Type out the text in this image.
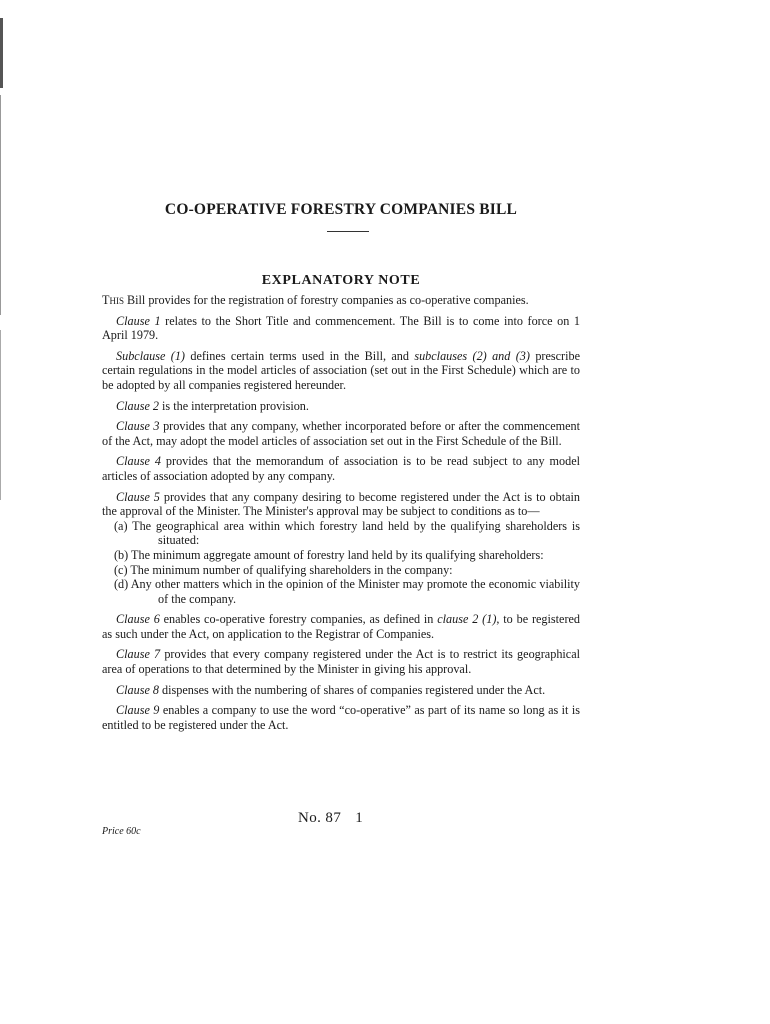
CO-OPERATIVE FORESTRY COMPANIES BILL
EXPLANATORY NOTE

This Bill provides for the registration of forestry companies as co-operative companies.

Clause 1 relates to the Short Title and commencement. The Bill is to come into force on 1 April 1979.

Subclause (1) defines certain terms used in the Bill, and subclauses (2) and (3) prescribe certain regulations in the model articles of association (set out in the First Schedule) which are to be adopted by all companies registered hereunder.

Clause 2 is the interpretation provision.

Clause 3 provides that any company, whether incorporated before or after the commencement of the Act, may adopt the model articles of association set out in the First Schedule of the Bill.

Clause 4 provides that the memorandum of association is to be read subject to any model articles of association adopted by any company.

Clause 5 provides that any company desiring to become registered under the Act is to obtain the approval of the Minister. The Minister's approval may be subject to conditions as to—

(a) The geographical area within which forestry land held by the qualifying shareholders is situated:
(b) The minimum aggregate amount of forestry land held by its qualifying shareholders:
(c) The minimum number of qualifying shareholders in the company:
(d) Any other matters which in the opinion of the Minister may promote the economic viability of the company.

Clause 6 enables co-operative forestry companies, as defined in clause 2 (1), to be registered as such under the Act, on application to the Registrar of Companies.

Clause 7 provides that every company registered under the Act is to restrict its geographical area of operations to that determined by the Minister in giving his approval.

Clause 8 dispenses with the numbering of shares of companies registered under the Act.

Clause 9 enables a company to use the word “co-operative” as part of its name so long as it is entitled to be registered under the Act.

No. 87 1
Price 60c
